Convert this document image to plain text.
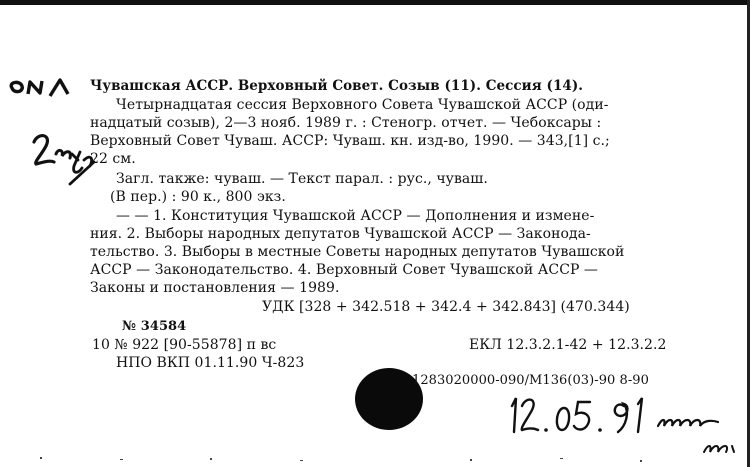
Чувашская АССР. Верховный Совет. Созыв (11). Сессия (14).
Четырнадцатая сессия Верховного Совета Чувашской АССР (оди-
надцатый созыв), 2—3 нояб. 1989 г. : Стеногр. отчет. — Чебоксары :
Верховный Совет Чуваш. АССР: Чуваш. кн. изд-во, 1990. — 343,[1] с.;
22 см.
Загл. также: чуваш. — Текст парал. : рус., чуваш.
(В пер.) : 90 к., 800 экз.
— — 1. Конституция Чувашской АССР — Дополнения и измене-
ния. 2. Выборы народных депутатов Чувашской АССР — Законода-
тельство. 3. Выборы в местные Советы народных депутатов Чувашской
АССР — Законодательство. 4. Верховный Совет Чувашской АССР —
Законы и постановления — 1989.
УДК [328 + 342.518 + 342.4 + 342.843] (470.344)
№ 34584
10 № 922 [90-55878] п вс	ЕКЛ 12.3.2.1-42 + 12.3.2.2
НПО ВКП 01.11.90 Ч-823
1283020000-090/М136(03)-90 8-90
